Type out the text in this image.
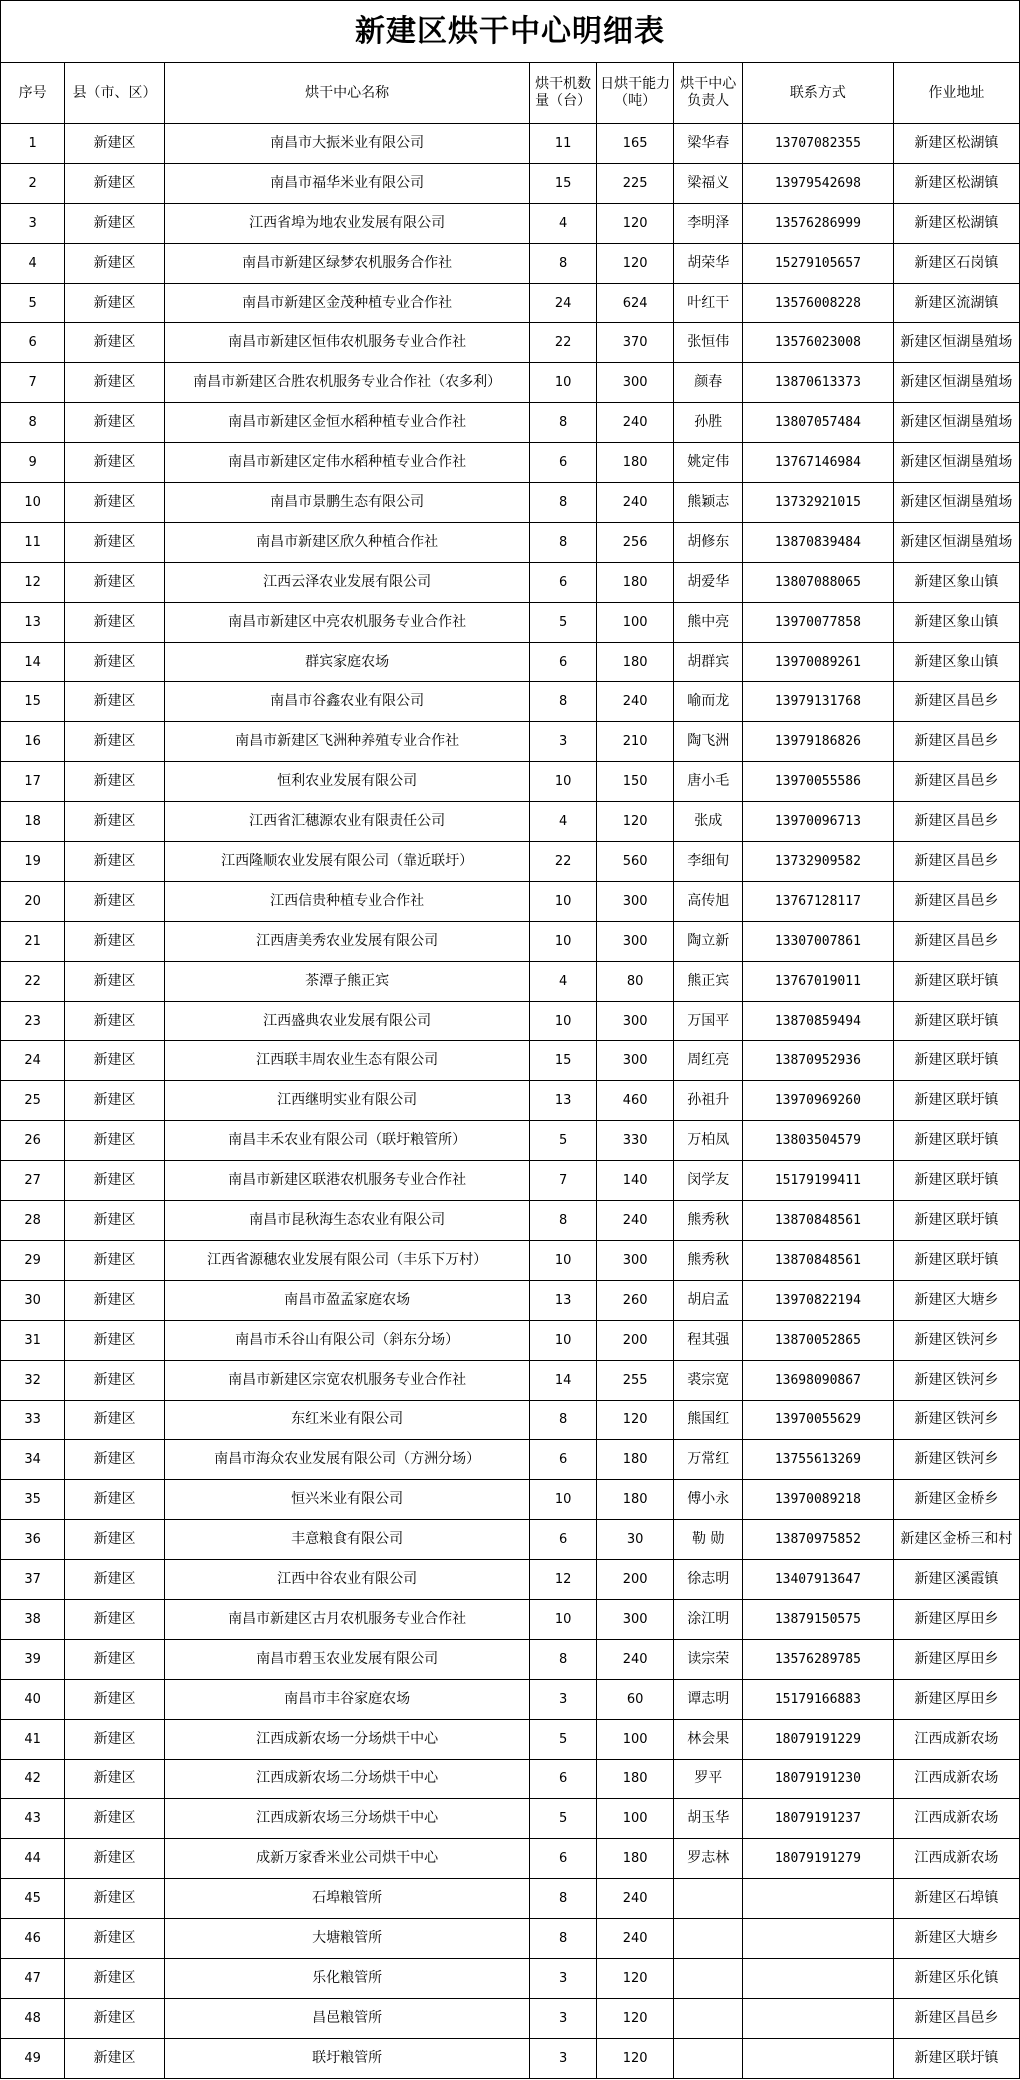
新建区烘干中心明细表
序号	县（市、区）	烘干中心名称	烘干机数量（台）	日烘干能力（吨）	烘干中心负责人	联系方式	作业地址
1	新建区	南昌市大振米业有限公司	11	165	梁华春	13707082355	新建区松湖镇
2	新建区	南昌市福华米业有限公司	15	225	梁福义	13979542698	新建区松湖镇
3	新建区	江西省埠为地农业发展有限公司	4	120	李明泽	13576286999	新建区松湖镇
4	新建区	南昌市新建区绿梦农机服务合作社	8	120	胡荣华	15279105657	新建区石岗镇
5	新建区	南昌市新建区金茂种植专业合作社	24	624	叶红干	13576008228	新建区流湖镇
6	新建区	南昌市新建区恒伟农机服务专业合作社	22	370	张恒伟	13576023008	新建区恒湖垦殖场
7	新建区	南昌市新建区合胜农机服务专业合作社（农多利）	10	300	颜春	13870613373	新建区恒湖垦殖场
8	新建区	南昌市新建区金恒水稻种植专业合作社	8	240	孙胜	13807057484	新建区恒湖垦殖场
9	新建区	南昌市新建区定伟水稻种植专业合作社	6	180	姚定伟	13767146984	新建区恒湖垦殖场
10	新建区	南昌市景鹏生态有限公司	8	240	熊颖志	13732921015	新建区恒湖垦殖场
11	新建区	南昌市新建区欣久种植合作社	8	256	胡修东	13870839484	新建区恒湖垦殖场
12	新建区	江西云泽农业发展有限公司	6	180	胡爱华	13807088065	新建区象山镇
13	新建区	南昌市新建区中亮农机服务专业合作社	5	100	熊中亮	13970077858	新建区象山镇
14	新建区	群宾家庭农场	6	180	胡群宾	13970089261	新建区象山镇
15	新建区	南昌市谷鑫农业有限公司	8	240	喻而龙	13979131768	新建区昌邑乡
16	新建区	南昌市新建区飞洲种养殖专业合作社	3	210	陶飞洲	13979186826	新建区昌邑乡
17	新建区	恒利农业发展有限公司	10	150	唐小毛	13970055586	新建区昌邑乡
18	新建区	江西省汇穗源农业有限责任公司	4	120	张成	13970096713	新建区昌邑乡
19	新建区	江西隆顺农业发展有限公司（靠近联圩）	22	560	李细旬	13732909582	新建区昌邑乡
20	新建区	江西信贵种植专业合作社	10	300	高传旭	13767128117	新建区昌邑乡
21	新建区	江西唐美秀农业发展有限公司	10	300	陶立新	13307007861	新建区昌邑乡
22	新建区	茶潭子熊正宾	4	80	熊正宾	13767019011	新建区联圩镇
23	新建区	江西盛典农业发展有限公司	10	300	万国平	13870859494	新建区联圩镇
24	新建区	江西联丰周农业生态有限公司	15	300	周红亮	13870952936	新建区联圩镇
25	新建区	江西继明实业有限公司	13	460	孙祖升	13970969260	新建区联圩镇
26	新建区	南昌丰禾农业有限公司（联圩粮管所）	5	330	万柏凤	13803504579	新建区联圩镇
27	新建区	南昌市新建区联港农机服务专业合作社	7	140	闵学友	15179199411	新建区联圩镇
28	新建区	南昌市昆秋海生态农业有限公司	8	240	熊秀秋	13870848561	新建区联圩镇
29	新建区	江西省源穗农业发展有限公司（丰乐下万村）	10	300	熊秀秋	13870848561	新建区联圩镇
30	新建区	南昌市盈孟家庭农场	13	260	胡启孟	13970822194	新建区大塘乡
31	新建区	南昌市禾谷山有限公司（斜东分场）	10	200	程其强	13870052865	新建区铁河乡
32	新建区	南昌市新建区宗宽农机服务专业合作社	14	255	裘宗宽	13698090867	新建区铁河乡
33	新建区	东红米业有限公司	8	120	熊国红	13970055629	新建区铁河乡
34	新建区	南昌市海众农业发展有限公司（方洲分场）	6	180	万常红	13755613269	新建区铁河乡
35	新建区	恒兴米业有限公司	10	180	傅小永	13970089218	新建区金桥乡
36	新建区	丰意粮食有限公司	6	30	勒 勋	13870975852	新建区金桥三和村
37	新建区	江西中谷农业有限公司	12	200	徐志明	13407913647	新建区溪霞镇
38	新建区	南昌市新建区古月农机服务专业合作社	10	300	涂江明	13879150575	新建区厚田乡
39	新建区	南昌市碧玉农业发展有限公司	8	240	读宗荣	13576289785	新建区厚田乡
40	新建区	南昌市丰谷家庭农场	3	60	谭志明	15179166883	新建区厚田乡
41	新建区	江西成新农场一分场烘干中心	5	100	林会果	18079191229	江西成新农场
42	新建区	江西成新农场二分场烘干中心	6	180	罗平	18079191230	江西成新农场
43	新建区	江西成新农场三分场烘干中心	5	100	胡玉华	18079191237	江西成新农场
44	新建区	成新万家香米业公司烘干中心	6	180	罗志林	18079191279	江西成新农场
45	新建区	石埠粮管所	8	240			新建区石埠镇
46	新建区	大塘粮管所	8	240			新建区大塘乡
47	新建区	乐化粮管所	3	120			新建区乐化镇
48	新建区	昌邑粮管所	3	120			新建区昌邑乡
49	新建区	联圩粮管所	3	120			新建区联圩镇
